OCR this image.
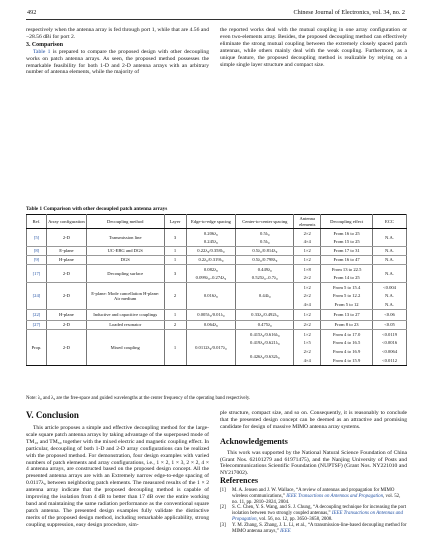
492	Chinese Journal of Electronics, vol. 34, no. 2

respectively when the antenna array is fed through port 1, while that are 4.56 and −28.56 dBi for port 2.

3. Comparison

Table 1 is prepared to compare the proposed design with other decoupling works on patch antenna arrays. As seen, the proposed method possesses the remarkable feasibility for both 1-D and 2-D antenna arrays with an arbitrary number of antenna elements, while the majority of

the reported works deal with the mutual coupling in one array configuration or even two-elements array. Besides, the proposed decoupling method can effectively eliminate the strong mutual coupling between the extremely closely spaced patch antennas, while others mainly deal with the weak coupling. Furthermore, as a unique feature, the proposed decoupling method is realizable by relying on a simple single layer structure and compact size.

Table 1 Comparison with other decoupled patch antenna arrays
Ref.	Array configuration	Decoupling method	Layer	Edge-to-edge spacing	Center-to-center spacing	Antenna elements	Decoupling effect	ECC
[5]	2-D	Transmission line	3	0.206λ₀	0.5λ₀	2×2	From 16 to 25	N.A.
				0.245λ₀	0.5λ₀	4×4	From 15 to 25	
[8]	E-plane	UC-EBG and DGS	1	0.22λ₀/0.358λ₀	0.5λ₀/0.814λ₀	1×2	From 17 to 31	N.A.
[9]	H-plane	DGS	1	0.2λ₀/0.319λ₀	0.5λ₀/0.798λ₀	1×2	From 16 to 47	N.A.
[17]	2-D	Decoupling surface	3	0.082λ₀	0.449λ₀	1×8	From 13 to 22.5	N.A.
				0.099λ₀–0.274λ₀	0.525λ₀–0.7λ₀	2×2	From 14 to 25	
[24]	2-D	E-plane: Mode cancellation H-plane: Air medium	2	0.016λ₀	0.44λ₀	1×2	From 5 to 15.4	<0.004
						2×2	From 5 to 12.2	N.A.
						4×4	From 5 to 12	N.A.
[22]	H-plane	Inductive and capacitive couplings	1	0.005λ₀/0.01λ₀	0.33λ₀/0.492λ₀	1×2	From 13 to 27	<0.06
[27]	2-D	Loaded resonator	2	0.064λ₀	0.475λ₀	2×2	From 8 to 23	<0.05
Prop.	2-D	Mixed coupling	1	0.0112λ₀/0.017λ₀	0.415λ₀/0.616λ₉	1×2	From 4 to 17.0	<0.0119
					0.419λ₀/0.621λ₉	1×5	From 4 to 16.5	<0.0016
					0.426λ₀/0.632λ₉	2×2	From 4 to 16.9	<0.0064
						4×4	From 4 to 15.9	<0.0112
Note: λ₀ and λ₉ are the free-space and guided wavelengths at the center frequency of the operating band respectively.
V. Conclusion
This article proposes a simple and effective decoupling method for the large-scale square patch antenna arrays by taking advantage of the superposed mode of TM₁₀ and TM₃₀ together with the mixed electric and magnetic coupling effect. In particular, decoupling of both 1-D and 2-D array configurations can be realized with the proposed method. For demonstration, four design examples with varied numbers of patch elements and array configurations, i.e., 1 × 2, 1 × 3, 2 × 2, 4 × 4 antenna arrays, are constructed based on the proposed design concept. All the presented antenna arrays are with an Extremely narrow edge-to-edge spacing of 0.0117λ₀ between neighboring patch elements. The measured results of the 1 × 2 antenna array indicate that the proposed decoupling method is capable of improving the isolation from 4 dB to better than 17 dB over the entire working band and maintaining the same radiation performance as the conventional square patch antenna. The presented design examples fully validate the distinctive merits of the proposed design method, including remarkable applicability, strong coupling suppression, easy design procedure, sim-
ple structure, compact size, and so on. Consequently, it is reasonably to conclude that the presented design concept can be deemed as an attractive and promising candidate for design of massive MIMO antenna array systems.
Acknowledgements
This work was supported by the National Natural Science Foundation of China (Grant Nos. 62101279 and 61971475), and the Nanjing University of Posts and Telecommunications Scientific Foundation (NUPTSF) (Grant Nos. NY221010 and NY217002).
References
[1]	M. A. Jensen and J. W. Wallace, “A review of antennas and propagation for MIMO wireless communications,” IEEE Transactions on Antennas and Propagation, vol. 52, no. 11, pp. 2810–2824, 2004.
[2]	S. C. Chen, Y. S. Wang, and S. J. Chung, “A decoupling technique for increasing the port isolation between two strongly coupled antennas,” IEEE Transactions on Antennas and Propagation, vol. 56, no. 12, pp. 3650–3658, 2008.
[3]	Y. M. Zhang, S. Zhang, J. L. Li, et al., “A transmission-line-based decoupling method for MIMO antenna arrays,” IEEE
